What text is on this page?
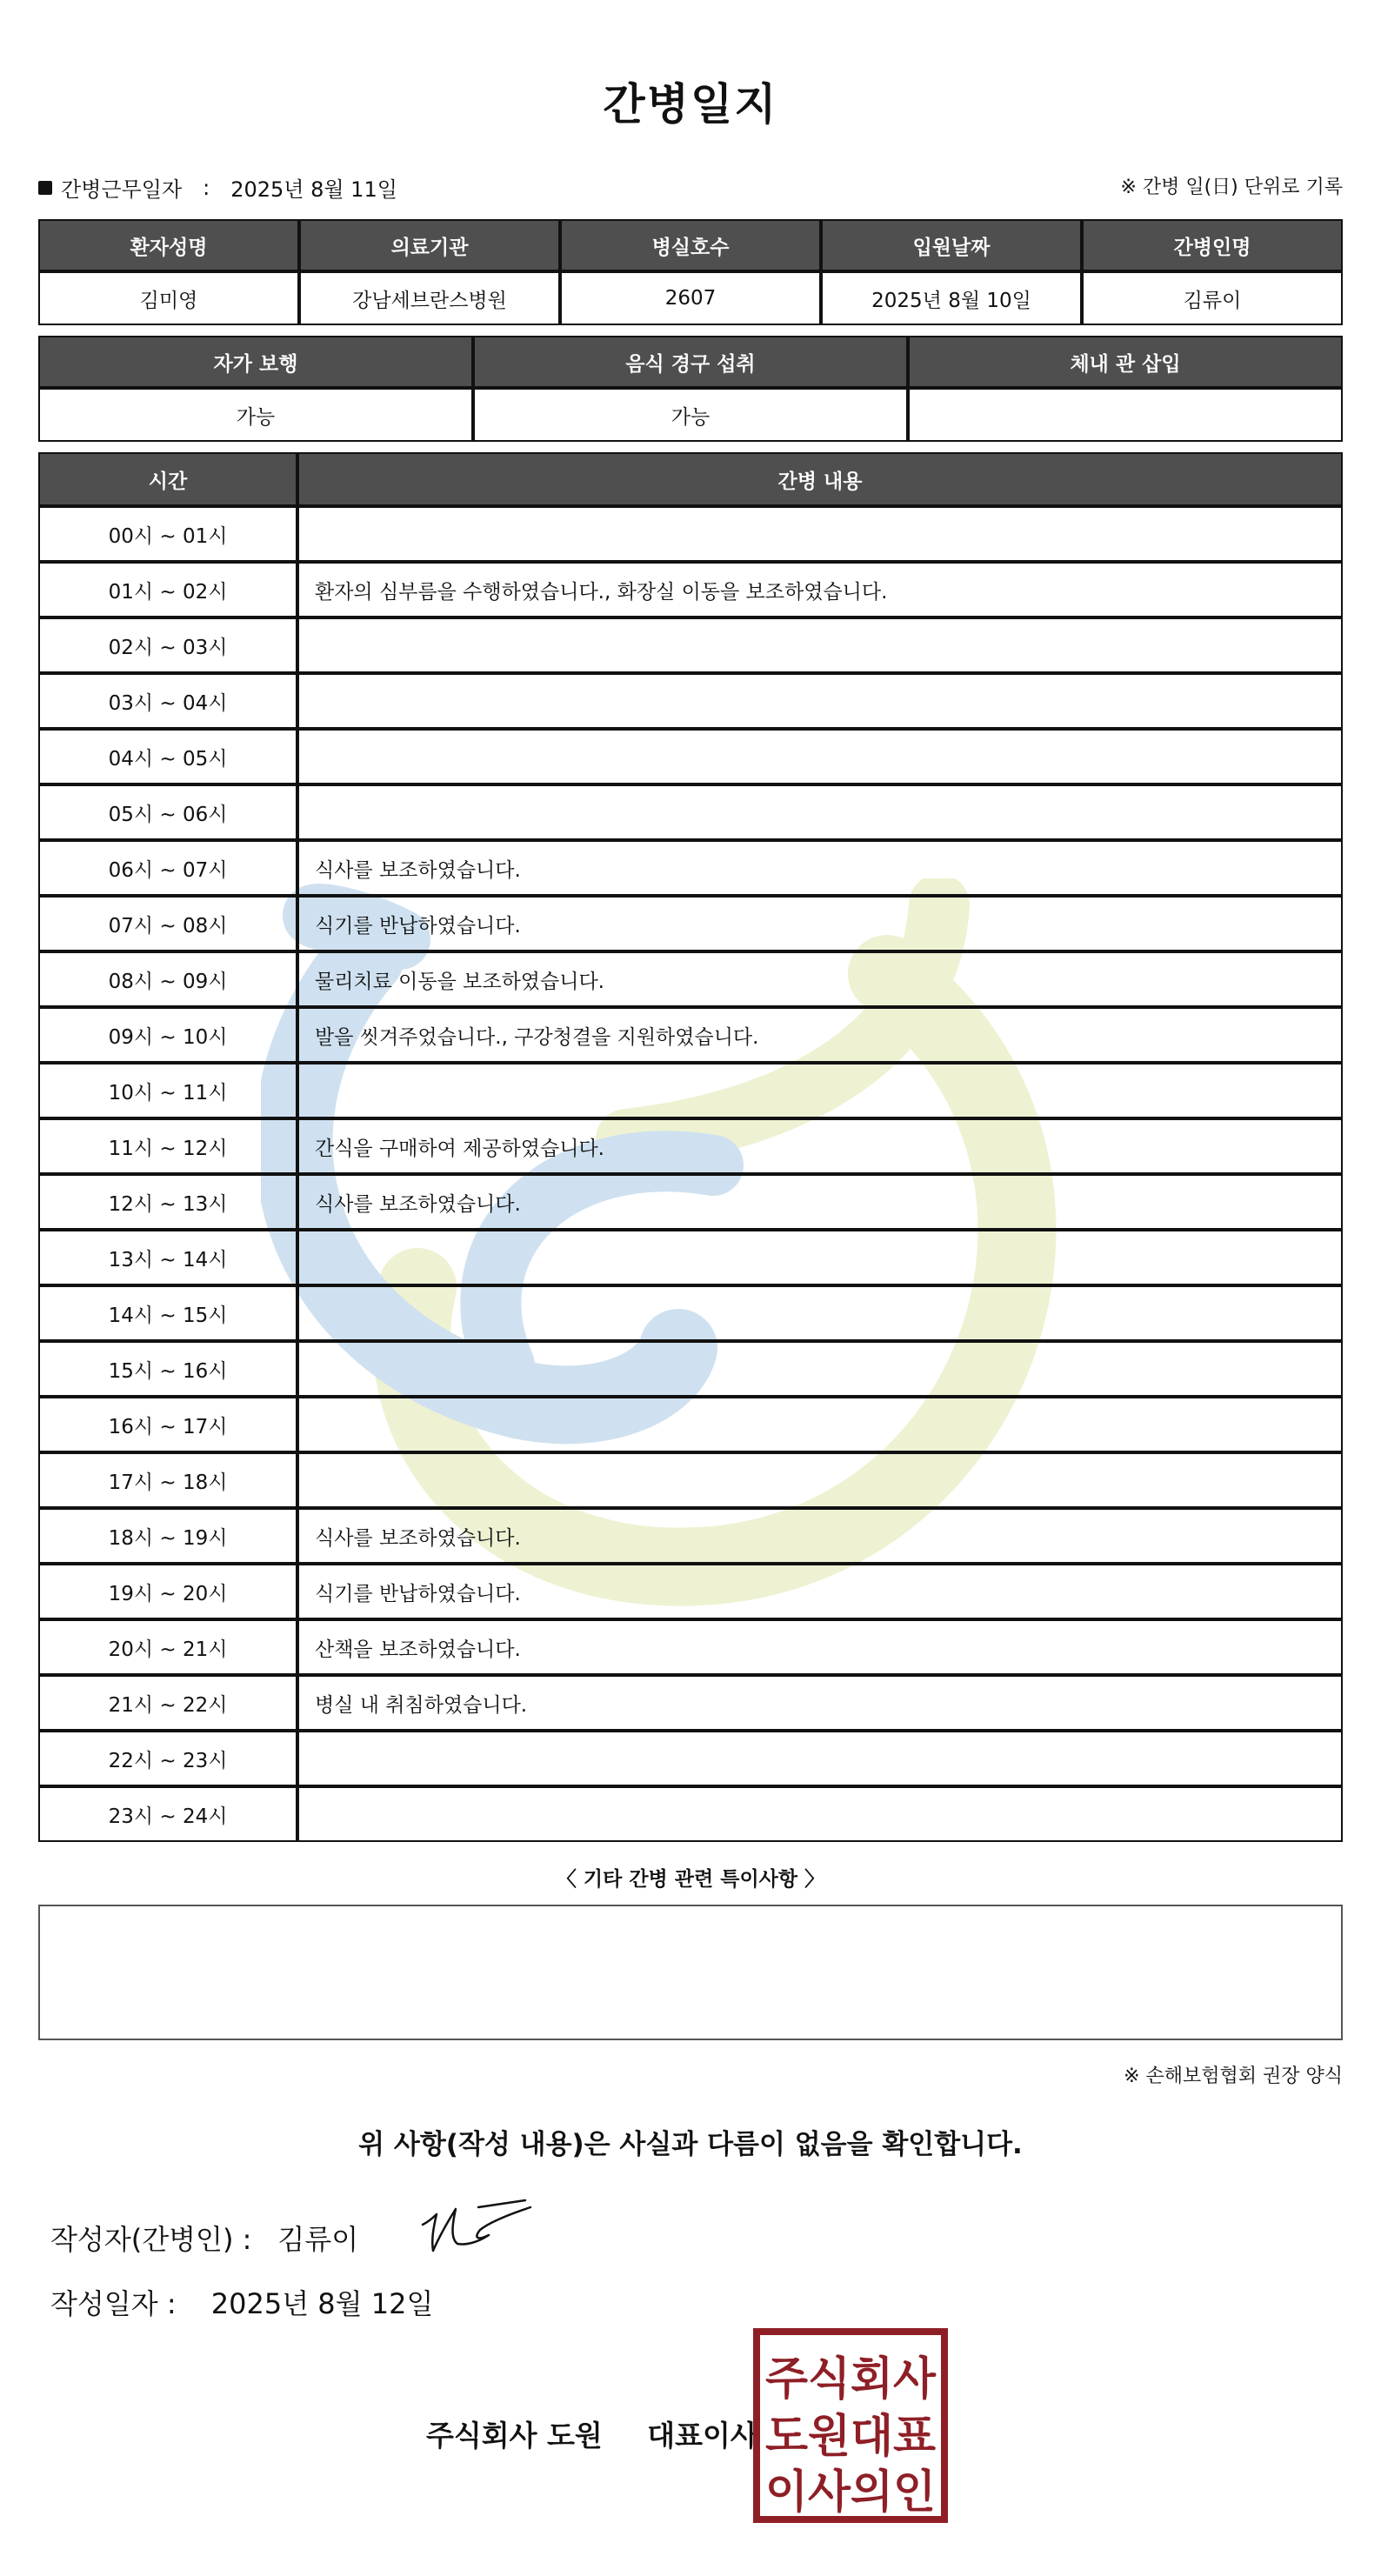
간병일지
간병근무일자 : 2025년 8월 11일	※ 간병 일(日) 단위로 기록
환자성명	의료기관	병실호수	입원날짜	간병인명
김미영	강남세브란스병원	2607	2025년 8월 10일	김류이
자가 보행	음식 경구 섭취	체내 관 삽입
가능	가능	
시간	간병 내용
00시 ~ 01시	
01시 ~ 02시	환자의 심부름을 수행하였습니다., 화장실 이동을 보조하였습니다.
02시 ~ 03시	
03시 ~ 04시	
04시 ~ 05시	
05시 ~ 06시	
06시 ~ 07시	식사를 보조하였습니다.
07시 ~ 08시	식기를 반납하였습니다.
08시 ~ 09시	물리치료 이동을 보조하였습니다.
09시 ~ 10시	발을 씻겨주었습니다., 구강청결을 지원하였습니다.
10시 ~ 11시	
11시 ~ 12시	간식을 구매하여 제공하였습니다.
12시 ~ 13시	식사를 보조하였습니다.
13시 ~ 14시	
14시 ~ 15시	
15시 ~ 16시	
16시 ~ 17시	
17시 ~ 18시	
18시 ~ 19시	식사를 보조하였습니다.
19시 ~ 20시	식기를 반납하였습니다.
20시 ~ 21시	산책을 보조하였습니다.
21시 ~ 22시	병실 내 취침하였습니다.
22시 ~ 23시	
23시 ~ 24시	
〈 기타 간병 관련 특이사항 〉
※ 손해보험협회 권장 양식
위 사항(작성 내용)은 사실과 다름이 없음을 확인합니다.
작성자(간병인) : 김류이
작성일자 : 2025년 8월 12일
주식회사 도원 대표이사
주식회사
도원대표
이사의인
